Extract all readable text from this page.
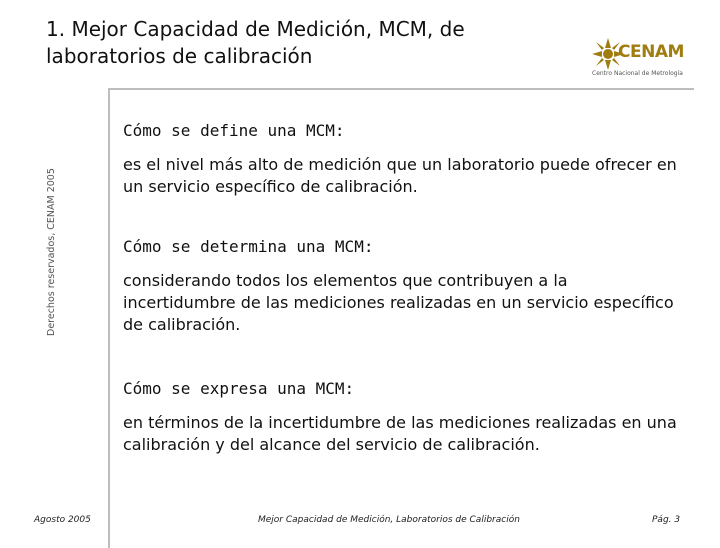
1. Mejor Capacidad de Medición, MCM, de laboratorios de calibración	CENAM
Centro Nacional de Metrología
Derechos reservados, CENAM 2005
Cómo se define una MCM:
es el nivel más alto de medición que un laboratorio puede ofrecer en un servicio específico de calibración.
Cómo se determina una MCM:
considerando todos los elementos que contribuyen a la incertidumbre de las mediciones realizadas en un servicio específico de calibración.
Cómo se expresa una MCM:
en términos de la incertidumbre de las mediciones realizadas en una calibración y del alcance del servicio de calibración.
Agosto 2005	Mejor Capacidad de Medición, Laboratorios de Calibración	Pág. 3
